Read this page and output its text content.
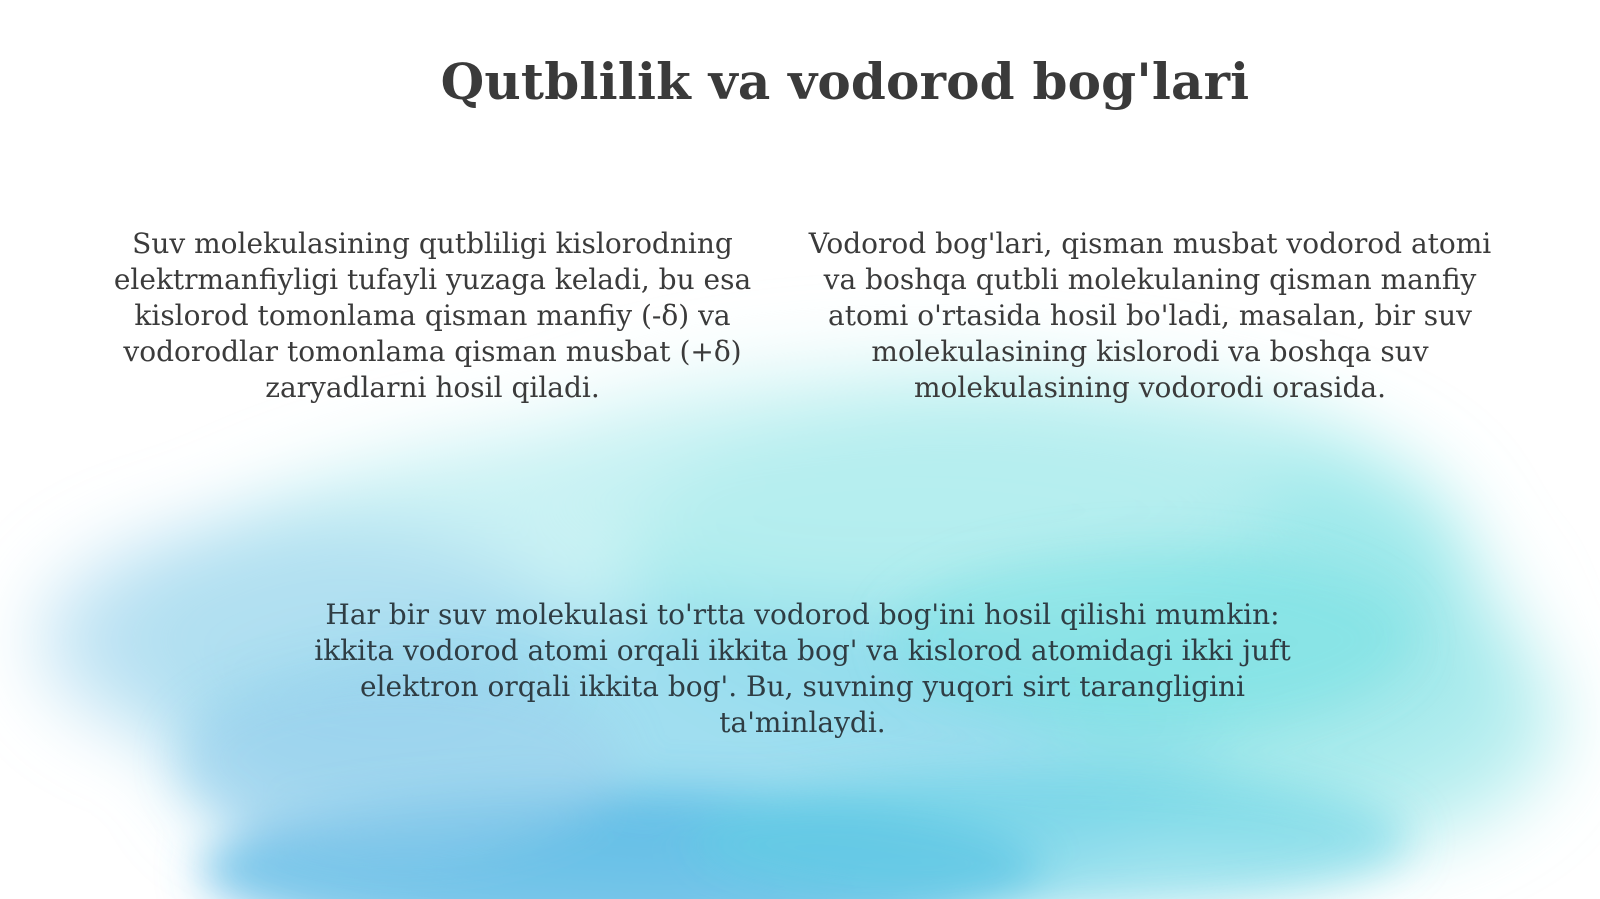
Qutblilik va vodorod bog'lari

Suv molekulasining qutbliligi kislorodning elektrmanfiyligi tufayli yuzaga keladi, bu esa kislorod tomonlama qisman manfiy (-δ) va vodorodlar tomonlama qisman musbat (+δ) zaryadlarni hosil qiladi.

Vodorod bog'lari, qisman musbat vodorod atomi va boshqa qutbli molekulaning qisman manfiy atomi o'rtasida hosil bo'ladi, masalan, bir suv molekulasining kislorodi va boshqa suv molekulasining vodorodi orasida.

Har bir suv molekulasi to'rtta vodorod bog'ini hosil qilishi mumkin: ikkita vodorod atomi orqali ikkita bog' va kislorod atomidagi ikki juft elektron orqali ikkita bog'. Bu, suvning yuqori sirt tarangligini ta'minlaydi.
